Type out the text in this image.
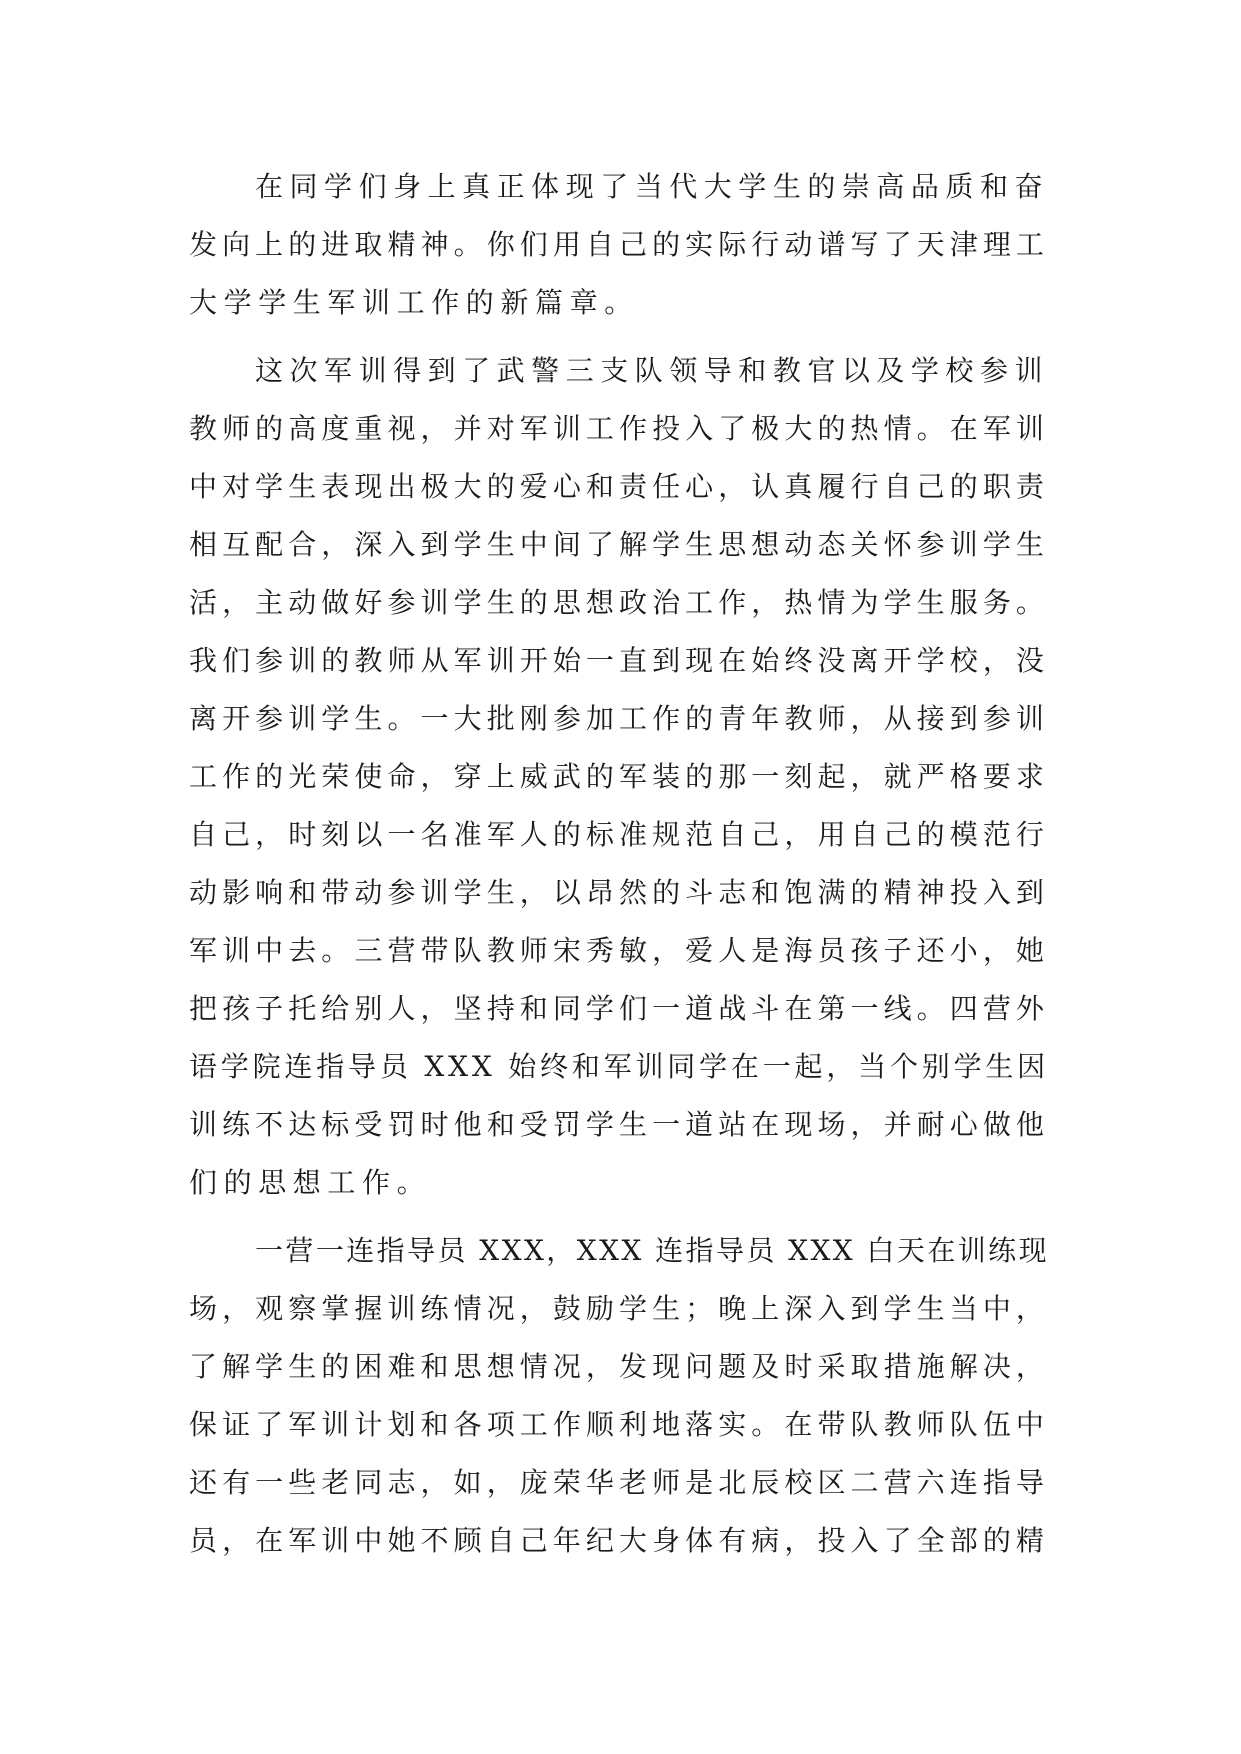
在同学们身上真正体现了当代大学生的崇高品质和奋
发向上的进取精神。你们用自己的实际行动谱写了天津理工
大学学生军训工作的新篇章。
这次军训得到了武警三支队领导和教官以及学校参训
教师的高度重视，并对军训工作投入了极大的热情。在军训
中对学生表现出极大的爱心和责任心，认真履行自己的职责
相互配合，深入到学生中间了解学生思想动态关怀参训学生
活，主动做好参训学生的思想政治工作，热情为学生服务。
我们参训的教师从军训开始一直到现在始终没离开学校，没
离开参训学生。一大批刚参加工作的青年教师，从接到参训
工作的光荣使命，穿上威武的军装的那一刻起，就严格要求
自己，时刻以一名准军人的标准规范自己，用自己的模范行
动影响和带动参训学生，以昂然的斗志和饱满的精神投入到
军训中去。三营带队教师宋秀敏，爱人是海员孩子还小，她
把孩子托给别人，坚持和同学们一道战斗在第一线。四营外
语学院连指导员 XXX 始终和军训同学在一起，当个别学生因
训练不达标受罚时他和受罚学生一道站在现场，并耐心做他
们的思想工作。
一营一连指导员 XXX，XXX 连指导员 XXX 白天在训练现
场，观察掌握训练情况，鼓励学生；晚上深入到学生当中，
了解学生的困难和思想情况，发现问题及时采取措施解决，
保证了军训计划和各项工作顺利地落实。在带队教师队伍中
还有一些老同志，如，庞荣华老师是北辰校区二营六连指导
员，在军训中她不顾自己年纪大身体有病，投入了全部的精
